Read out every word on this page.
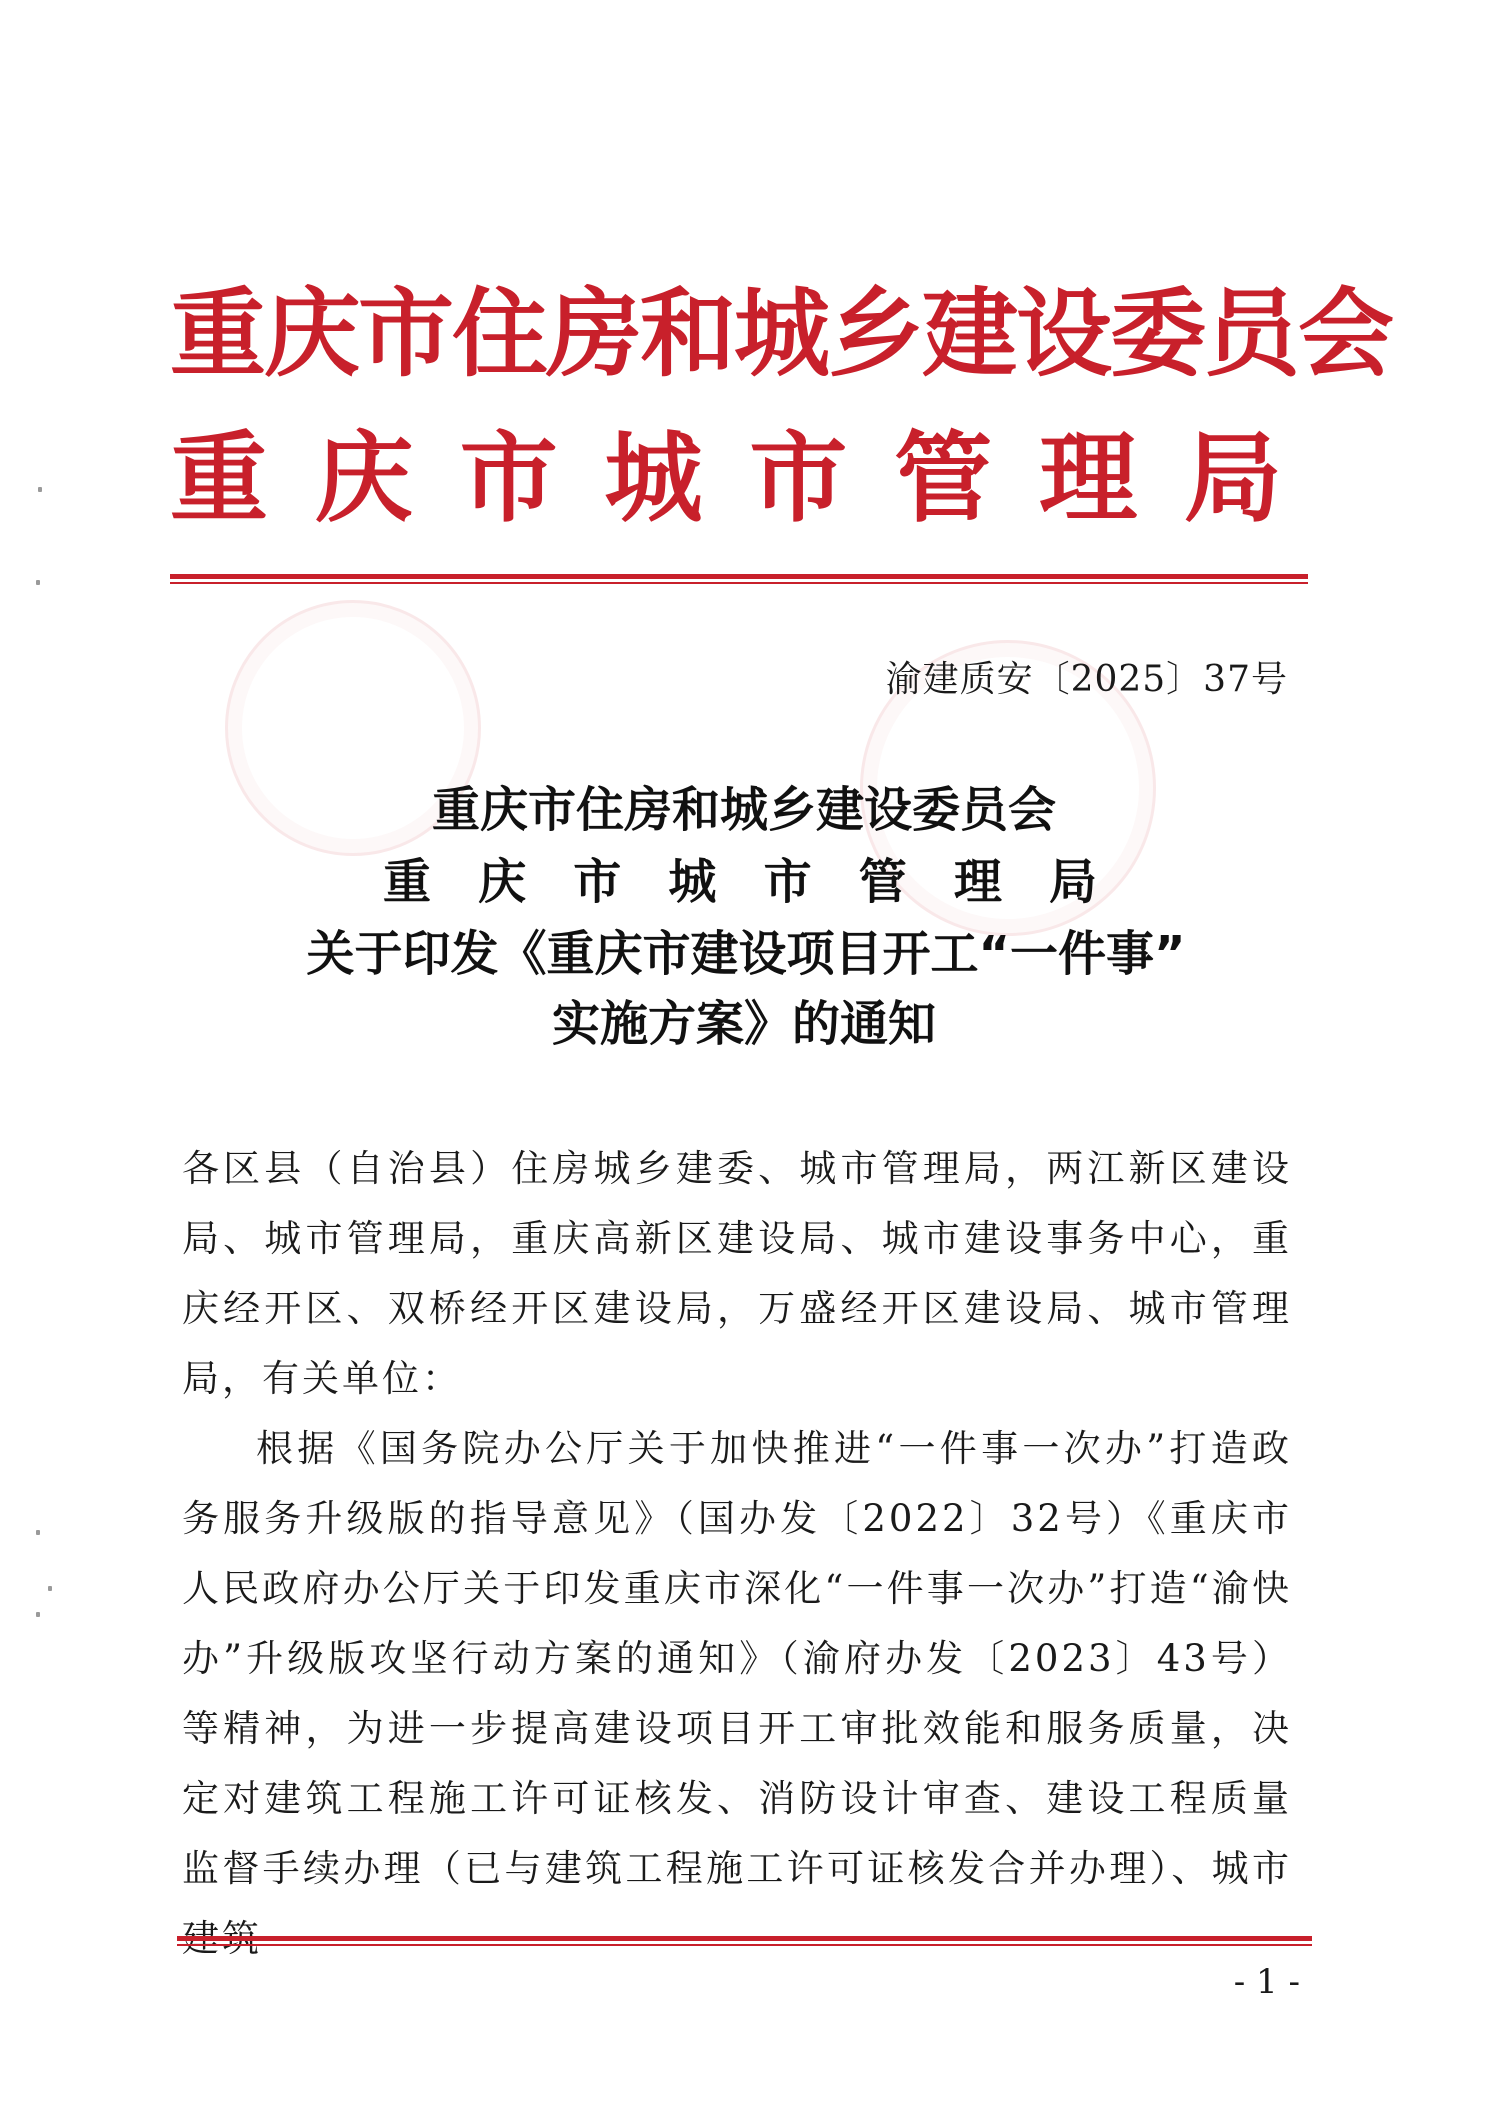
重庆市住房和城乡建设委员会
重 庆 市 城 市 管 理 局
渝建质安〔2025〕37号
重庆市住房和城乡建设委员会
重 庆 市 城 市 管 理 局
关于印发《重庆市建设项目开工“一件事”
实施方案》的通知

各区县（自治县）住房城乡建委、城市管理局，两江新区建设局、城市管理局，重庆高新区建设局、城市建设事务中心，重庆经开区、双桥经开区建设局，万盛经开区建设局、城市管理局，有关单位：

根据《国务院办公厅关于加快推进“一件事一次办”打造政务服务升级版的指导意见》（国办发〔2022〕32号）《重庆市人民政府办公厅关于印发重庆市深化“一件事一次办”打造“渝快办”升级版攻坚行动方案的通知》（渝府办发〔2023〕43号）等精神，为进一步提高建设项目开工审批效能和服务质量，决定对建筑工程施工许可证核发、消防设计审查、建设工程质量监督手续办理（已与建筑工程施工许可证核发合并办理）、城市

- 1 -
